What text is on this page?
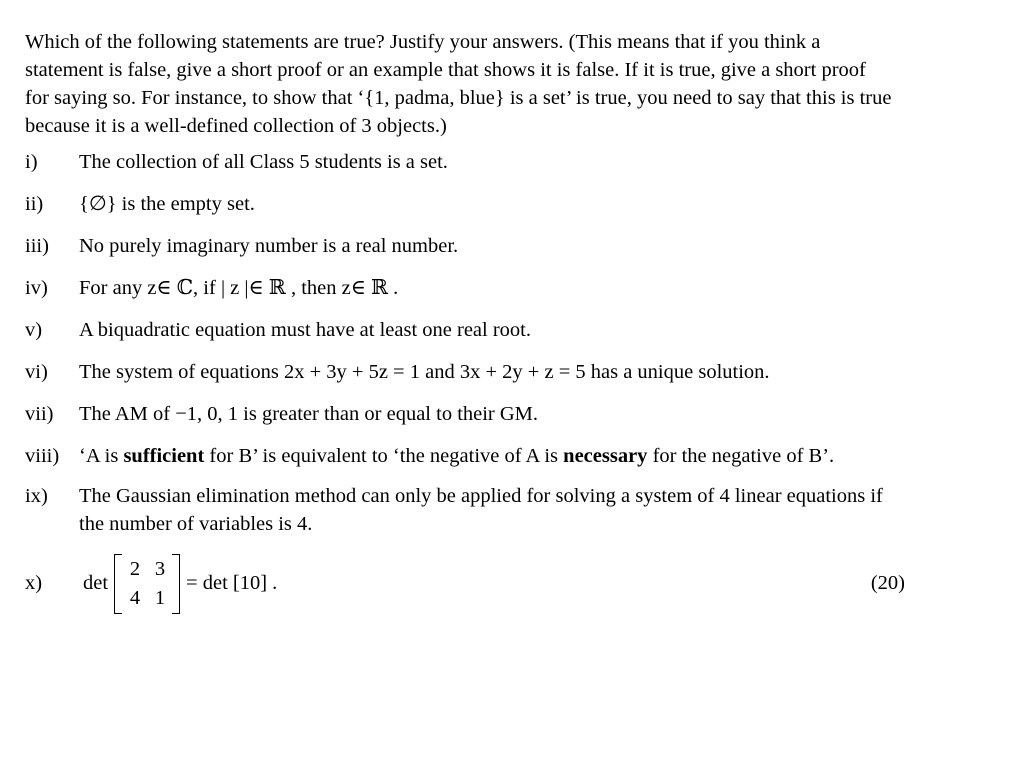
Which of the following statements are true? Justify your answers. (This means that if you think a statement is false, give a short proof or an example that shows it is false. If it is true, give a short proof for saying so. For instance, to show that ‘{1, padma, blue} is a set’ is true, you need to say that this is true because it is a well-defined collection of 3 objects.)

i) The collection of all Class 5 students is a set.
ii) {∅} is the empty set.
iii) No purely imaginary number is a real number.
iv) For any z∈ ℂ, if | z |∈ ℝ , then z∈ ℝ .
v) A biquadratic equation must have at least one real root.
vi) The system of equations 2x + 3y + 5z = 1 and 3x + 2y + z = 5 has a unique solution.
vii) The AM of −1, 0, 1 is greater than or equal to their GM.
viii) ‘A is sufficient for B’ is equivalent to ‘the negative of A is necessary for the negative of B’.
ix) The Gaussian elimination method can only be applied for solving a system of 4 linear equations if the number of variables is 4.
x) det
2 3
4 1
= det [10] .	(20)
